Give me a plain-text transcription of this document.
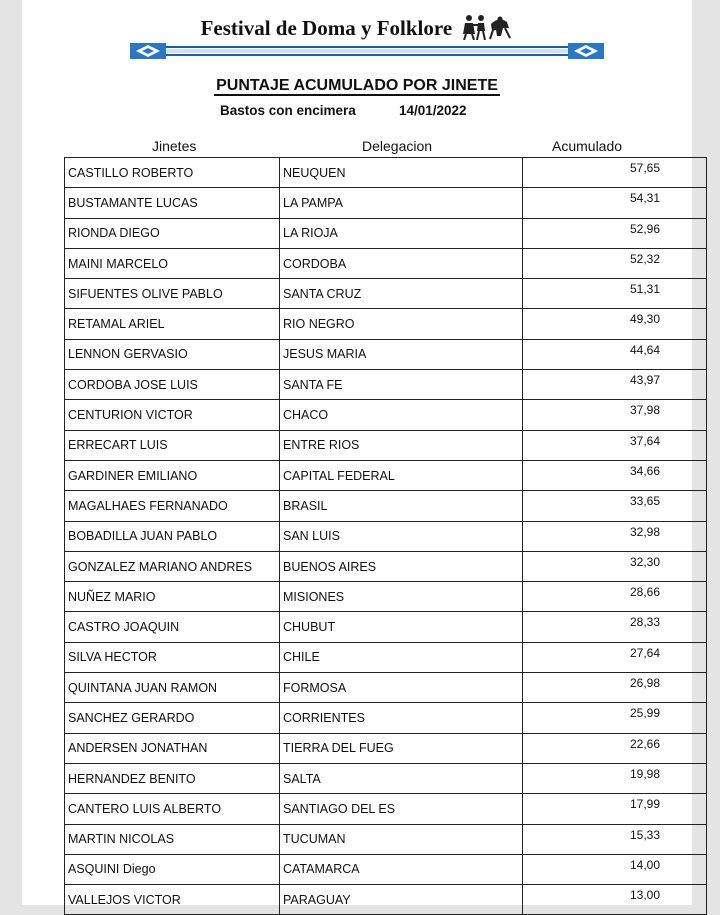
Festival de Doma y Folklore
PUNTAJE ACUMULADO POR JINETE
Bastos con encimera	14/01/2022
Jinetes	Delegacion	Acumulado
CASTILLO ROBERTO	NEUQUEN	57,65
BUSTAMANTE LUCAS	LA PAMPA	54,31
RIONDA DIEGO	LA RIOJA	52,96
MAINI MARCELO	CORDOBA	52,32
SIFUENTES OLIVE PABLO	SANTA CRUZ	51,31
RETAMAL ARIEL	RIO NEGRO	49,30
LENNON GERVASIO	JESUS MARIA	44,64
CORDOBA JOSE LUIS	SANTA FE	43,97
CENTURION VICTOR	CHACO	37,98
ERRECART LUIS	ENTRE RIOS	37,64
GARDINER EMILIANO	CAPITAL FEDERAL	34,66
MAGALHAES FERNANADO	BRASIL	33,65
BOBADILLA JUAN PABLO	SAN LUIS	32,98
GONZALEZ MARIANO ANDRES	BUENOS AIRES	32,30
NUÑEZ MARIO	MISIONES	28,66
CASTRO JOAQUIN	CHUBUT	28,33
SILVA HECTOR	CHILE	27,64
QUINTANA JUAN RAMON	FORMOSA	26,98
SANCHEZ GERARDO	CORRIENTES	25,99
ANDERSEN JONATHAN	TIERRA DEL FUEG	22,66
HERNANDEZ BENITO	SALTA	19,98
CANTERO LUIS ALBERTO	SANTIAGO DEL ES	17,99
MARTIN NICOLAS	TUCUMAN	15,33
ASQUINI Diego	CATAMARCA	14,00
VALLEJOS VICTOR	PARAGUAY	13,00
